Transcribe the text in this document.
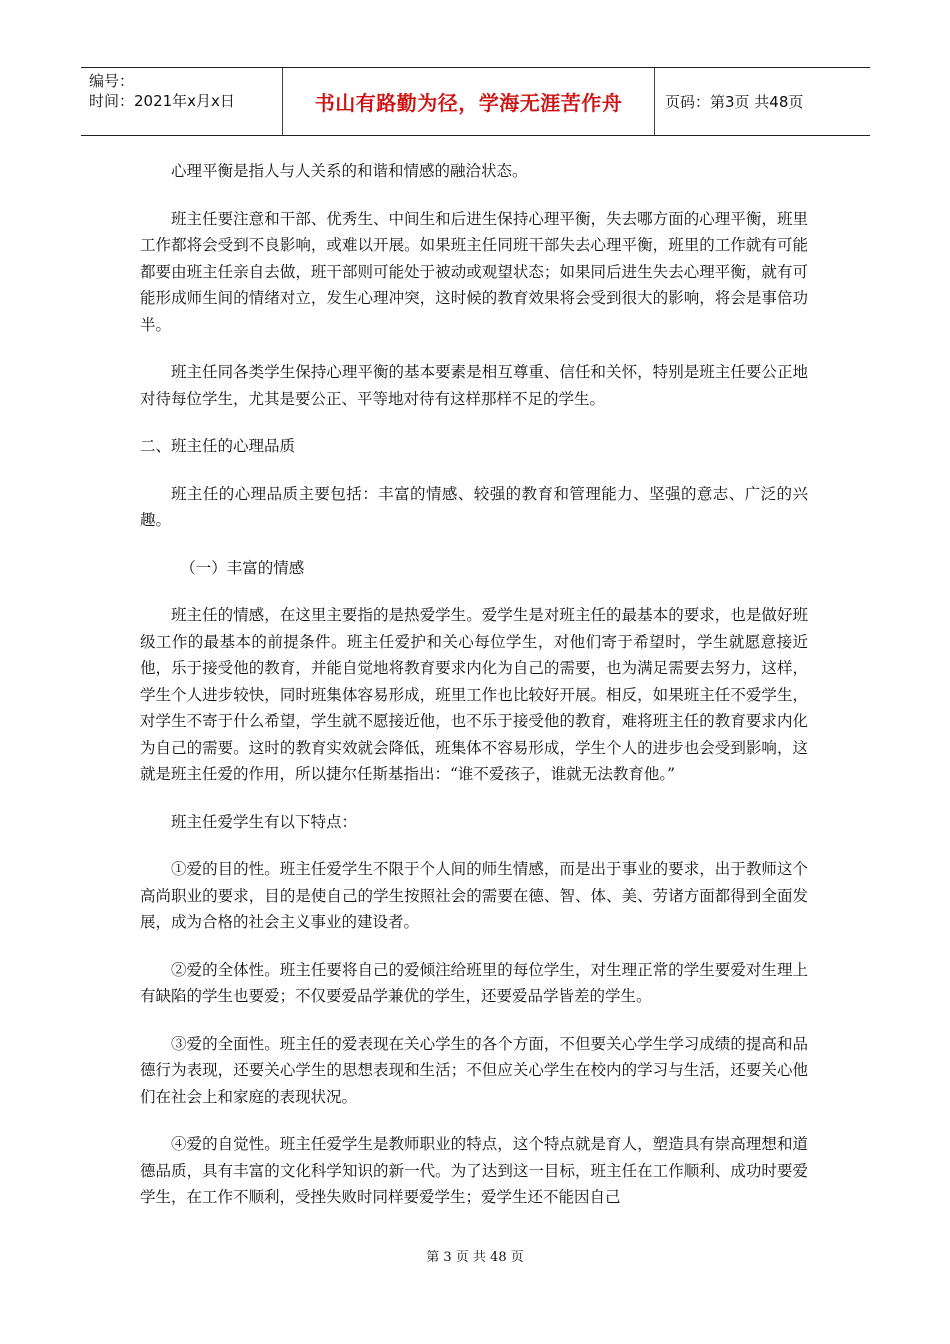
编号：
时间：2021年x月x日	书山有路勤为径，学海无涯苦作舟	页码：第3页 共48页

心理平衡是指人与人关系的和谐和情感的融洽状态。

班主任要注意和干部、优秀生、中间生和后进生保持心理平衡，失去哪方面的心理平衡，班里工作都将会受到不良影响，或难以开展。如果班主任同班干部失去心理平衡，班里的工作就有可能都要由班主任亲自去做，班干部则可能处于被动或观望状态；如果同后进生失去心理平衡，就有可能形成师生间的情绪对立，发生心理冲突，这时候的教育效果将会受到很大的影响，将会是事倍功半。

班主任同各类学生保持心理平衡的基本要素是相互尊重、信任和关怀，特别是班主任要公正地对待每位学生，尤其是要公正、平等地对待有这样那样不足的学生。

二、班主任的心理品质

班主任的心理品质主要包括：丰富的情感、较强的教育和管理能力、坚强的意志、广泛的兴趣。

（一）丰富的情感

班主任的情感，在这里主要指的是热爱学生。爱学生是对班主任的最基本的要求，也是做好班级工作的最基本的前提条件。班主任爱护和关心每位学生，对他们寄于希望时，学生就愿意接近他，乐于接受他的教育，并能自觉地将教育要求内化为自己的需要，也为满足需要去努力，这样，学生个人进步较快，同时班集体容易形成，班里工作也比较好开展。相反，如果班主任不爱学生，对学生不寄于什么希望，学生就不愿接近他，也不乐于接受他的教育，难将班主任的教育要求内化为自己的需要。这时的教育实效就会降低，班集体不容易形成，学生个人的进步也会受到影响，这就是班主任爱的作用，所以捷尔任斯基指出：“谁不爱孩子，谁就无法教育他。”

班主任爱学生有以下特点：

①爱的目的性。班主任爱学生不限于个人间的师生情感，而是出于事业的要求，出于教师这个高尚职业的要求，目的是使自己的学生按照社会的需要在德、智、体、美、劳诸方面都得到全面发展，成为合格的社会主义事业的建设者。

②爱的全体性。班主任要将自己的爱倾注给班里的每位学生，对生理正常的学生要爱对生理上有缺陷的学生也要爱；不仅要爱品学兼优的学生，还要爱品学皆差的学生。

③爱的全面性。班主任的爱表现在关心学生的各个方面，不但要关心学生学习成绩的提高和品德行为表现，还要关心学生的思想表现和生活；不但应关心学生在校内的学习与生活，还要关心他们在社会上和家庭的表现状况。

④爱的自觉性。班主任爱学生是教师职业的特点，这个特点就是育人，塑造具有崇高理想和道德品质，具有丰富的文化科学知识的新一代。为了达到这一目标，班主任在工作顺利、成功时要爱学生，在工作不顺利，受挫失败时同样要爱学生；爱学生还不能因自己

第 3 页 共 48 页
